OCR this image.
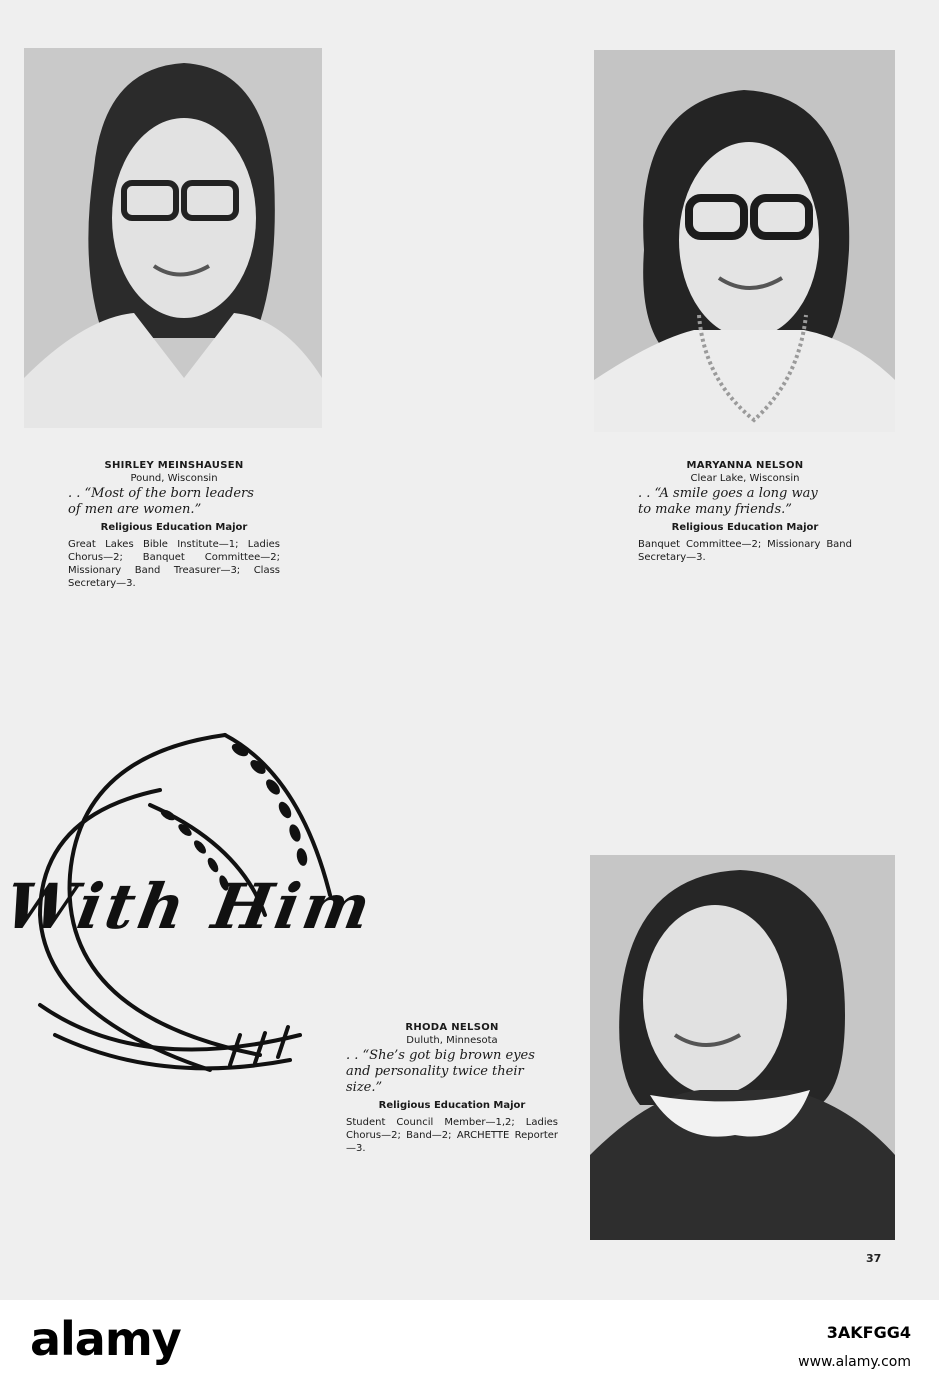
SHIRLEY MEINSHAUSEN
Pound, Wisconsin
. . “Most of the born leaders
of men are women.”
Religious Education Major
Great Lakes Bible Institute—1; Ladies Chorus—2; Banquet Committee—2; Missionary Band Treasurer—3; Class Secretary—3.
MARYANNA NELSON
Clear Lake, Wisconsin
. . “A smile goes a long way
to make many friends.”
Religious Education Major
Banquet Committee—2; Missionary Band Secretary—3.
With Him
RHODA NELSON
Duluth, Minnesota
. . “She’s got big brown eyes
and personality twice their
size.”
Religious Education Major
Student Council Member—1,2; Ladies Chorus—2; Band—2; ARCHETTE Reporter—3.
37
alamy	3AKFGG4
www.alamy.com
